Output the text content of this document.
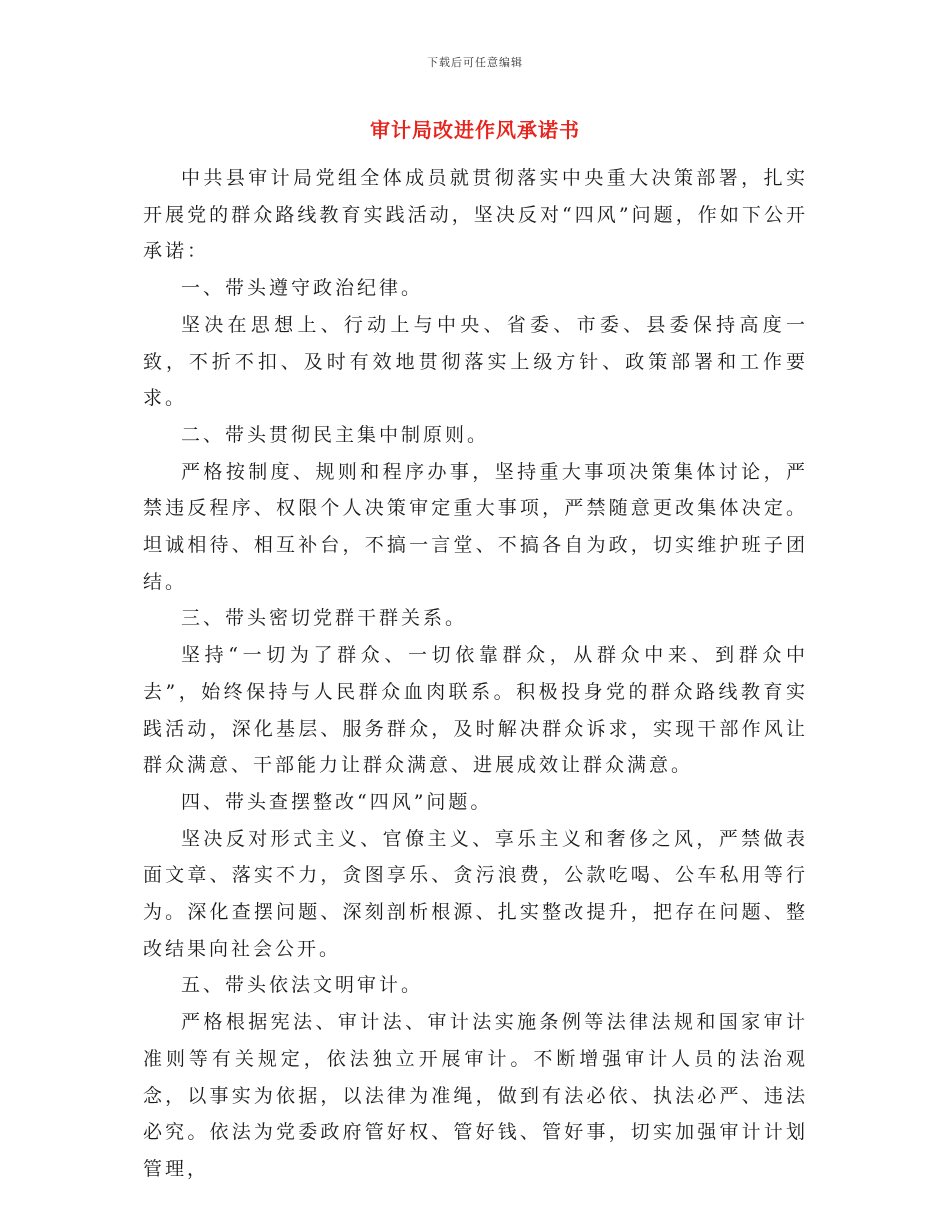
下载后可任意编辑
审计局改进作风承诺书

中共县审计局党组全体成员就贯彻落实中央重大决策部署，扎实开展党的群众路线教育实践活动，坚决反对“四风”问题，作如下公开承诺：

一、带头遵守政治纪律。

坚决在思想上、行动上与中央、省委、市委、县委保持高度一致，不折不扣、及时有效地贯彻落实上级方针、政策部署和工作要求。

二、带头贯彻民主集中制原则。

严格按制度、规则和程序办事，坚持重大事项决策集体讨论，严禁违反程序、权限个人决策审定重大事项，严禁随意更改集体决定。坦诚相待、相互补台，不搞一言堂、不搞各自为政，切实维护班子团结。

三、带头密切党群干群关系。

坚持“一切为了群众、一切依靠群众，从群众中来、到群众中去”，始终保持与人民群众血肉联系。积极投身党的群众路线教育实践活动，深化基层、服务群众，及时解决群众诉求，实现干部作风让群众满意、干部能力让群众满意、进展成效让群众满意。

四、带头查摆整改“四风”问题。

坚决反对形式主义、官僚主义、享乐主义和奢侈之风，严禁做表面文章、落实不力，贪图享乐、贪污浪费，公款吃喝、公车私用等行为。深化查摆问题、深刻剖析根源、扎实整改提升，把存在问题、整改结果向社会公开。

五、带头依法文明审计。

严格根据宪法、审计法、审计法实施条例等法律法规和国家审计准则等有关规定，依法独立开展审计。不断增强审计人员的法治观念，以事实为依据，以法律为准绳，做到有法必依、执法必严、违法必究。依法为党委政府管好权、管好钱、管好事，切实加强审计计划管理，
